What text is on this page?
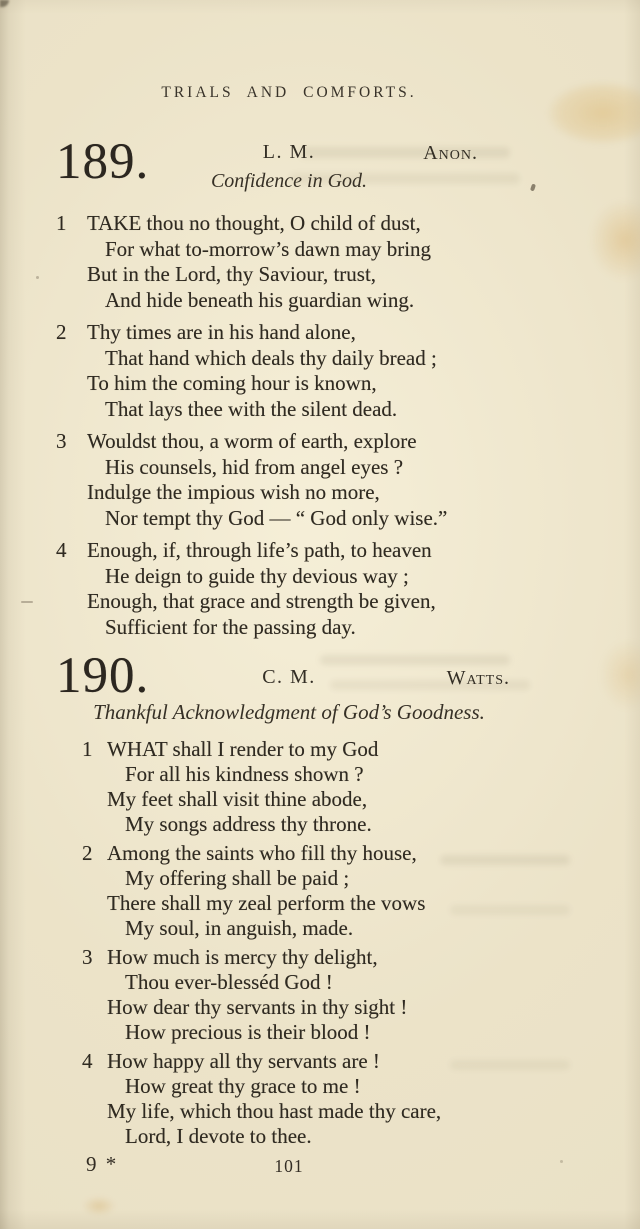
TRIALS AND COMFORTS.
189.	L. M.	Anon.
Confidence in God.
1 TAKE thou no thought, O child of dust,
For what to-morrow’s dawn may bring
But in the Lord, thy Saviour, trust,
And hide beneath his guardian wing.
2 Thy times are in his hand alone,
That hand which deals thy daily bread ;
To him the coming hour is known,
That lays thee with the silent dead.
3 Wouldst thou, a worm of earth, explore
His counsels, hid from angel eyes ?
Indulge the impious wish no more,
Nor tempt thy God — “ God only wise.”
4 Enough, if, through life’s path, to heaven
He deign to guide thy devious way ;
Enough, that grace and strength be given,
Sufficient for the passing day.
190.	C. M.	Watts.
Thankful Acknowledgment of God’s Goodness.
1 WHAT shall I render to my God
For all his kindness shown ?
My feet shall visit thine abode,
My songs address thy throne.
2 Among the saints who fill thy house,
My offering shall be paid ;
There shall my zeal perform the vows
My soul, in anguish, made.
3 How much is mercy thy delight,
Thou ever-blesséd God !
How dear thy servants in thy sight !
How precious is their blood !
4 How happy all thy servants are !
How great thy grace to me !
My life, which thou hast made thy care,
Lord, I devote to thee.
9 *	101
